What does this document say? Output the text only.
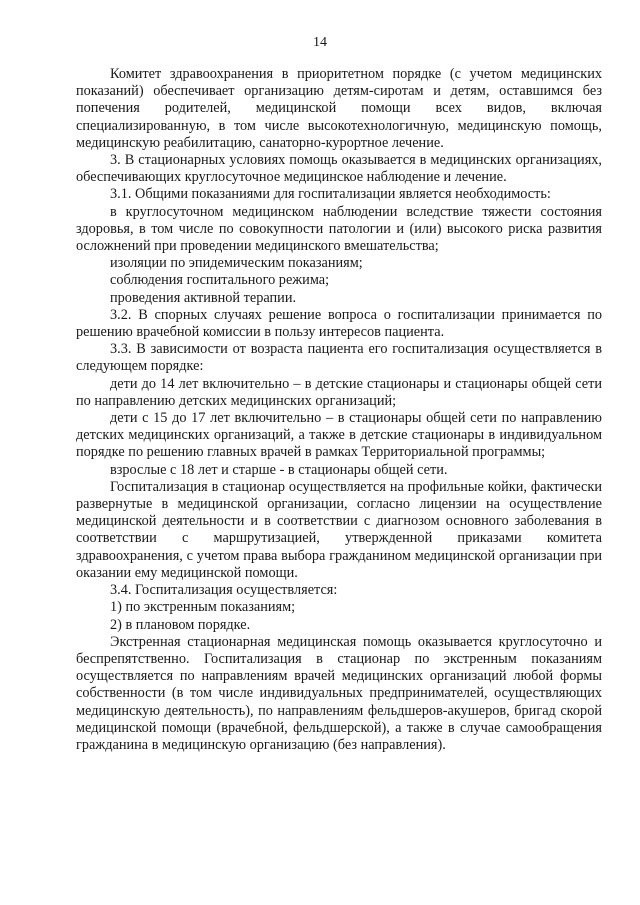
14

Комитет здравоохранения в приоритетном порядке (с учетом медицинских показаний) обеспечивает организацию детям-сиротам и детям, оставшимся без попечения родителей, медицинской помощи всех видов, включая специализированную, в том числе высокотехнологичную, медицинскую помощь, медицинскую реабилитацию, санаторно-курортное лечение.

3. В стационарных условиях помощь оказывается в медицинских организациях, обеспечивающих круглосуточное медицинское наблюдение и лечение.

3.1. Общими показаниями для госпитализации является необходимость:

в круглосуточном медицинском наблюдении вследствие тяжести состояния здоровья, в том числе по совокупности патологии и (или) высокого риска развития осложнений при проведении медицинского вмешательства;

изоляции по эпидемическим показаниям;

соблюдения госпитального режима;

проведения активной терапии.

3.2. В спорных случаях решение вопроса о госпитализации принимается по решению врачебной комиссии в пользу интересов пациента.

3.3. В зависимости от возраста пациента его госпитализация осуществляется в следующем порядке:

дети до 14 лет включительно – в детские стационары и стационары общей сети по направлению детских медицинских организаций;

дети с 15 до 17 лет включительно – в стационары общей сети по направлению детских медицинских организаций, а также в детские стационары в индивидуальном порядке по решению главных врачей в рамках Территориальной программы;

взрослые с 18 лет и старше - в стационары общей сети.

Госпитализация в стационар осуществляется на профильные койки, фактически развернутые в медицинской организации, согласно лицензии на осуществление медицинской деятельности и в соответствии с диагнозом основного заболевания в соответствии с маршрутизацией, утвержденной приказами комитета здравоохранения, с учетом права выбора гражданином медицинской организации при оказании ему медицинской помощи.

3.4. Госпитализация осуществляется:

1) по экстренным показаниям;

2) в плановом порядке.

Экстренная стационарная медицинская помощь оказывается круглосуточно и беспрепятственно. Госпитализация в стационар по экстренным показаниям осуществляется по направлениям врачей медицинских организаций любой формы собственности (в том числе индивидуальных предпринимателей, осуществляющих медицинскую деятельность), по направлениям фельдшеров-акушеров, бригад скорой медицинской помощи (врачебной, фельдшерской), а также в случае самообращения гражданина в медицинскую организацию (без направления).
